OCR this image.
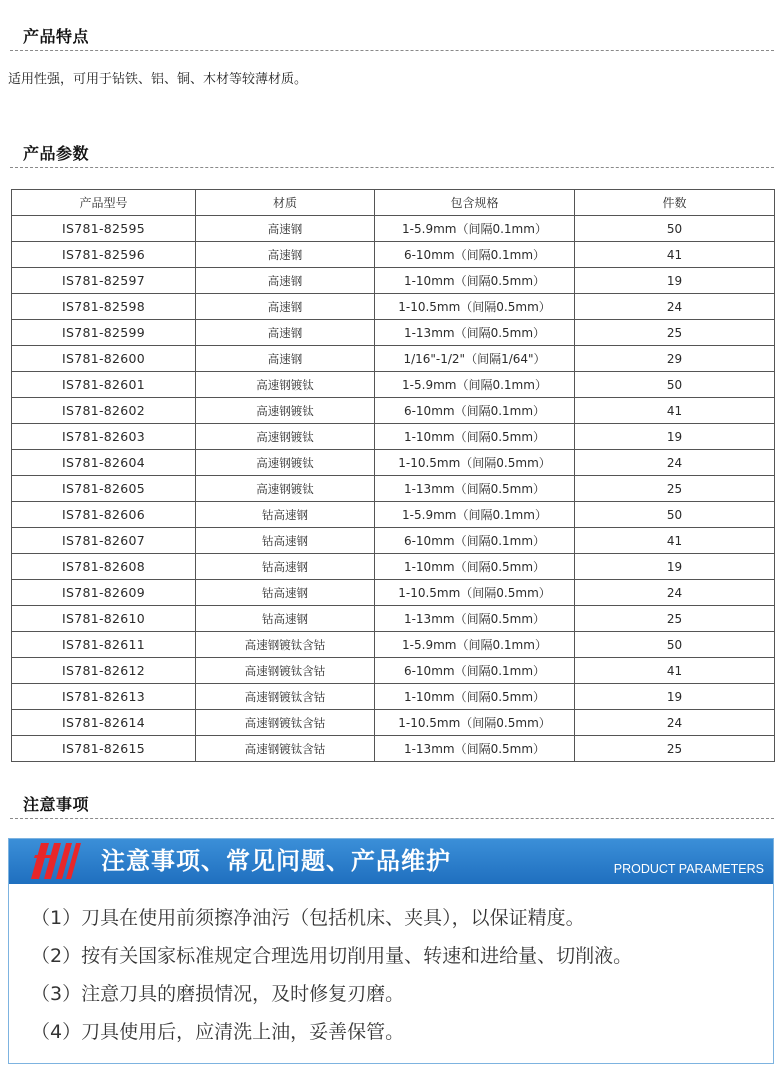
产品特点
适用性强，可用于钻铁、铝、铜、木材等较薄材质。
产品参数
产品型号	材质	包含规格	件数
IS781-82595	高速钢	1-5.9mm（间隔0.1mm）	50
IS781-82596	高速钢	6-10mm（间隔0.1mm）	41
IS781-82597	高速钢	1-10mm（间隔0.5mm）	19
IS781-82598	高速钢	1-10.5mm（间隔0.5mm）	24
IS781-82599	高速钢	1-13mm（间隔0.5mm）	25
IS781-82600	高速钢	1/16"-1/2"（间隔1/64"）	29
IS781-82601	高速钢镀钛	1-5.9mm（间隔0.1mm）	50
IS781-82602	高速钢镀钛	6-10mm（间隔0.1mm）	41
IS781-82603	高速钢镀钛	1-10mm（间隔0.5mm）	19
IS781-82604	高速钢镀钛	1-10.5mm（间隔0.5mm）	24
IS781-82605	高速钢镀钛	1-13mm（间隔0.5mm）	25
IS781-82606	钴高速钢	1-5.9mm（间隔0.1mm）	50
IS781-82607	钴高速钢	6-10mm（间隔0.1mm）	41
IS781-82608	钴高速钢	1-10mm（间隔0.5mm）	19
IS781-82609	钴高速钢	1-10.5mm（间隔0.5mm）	24
IS781-82610	钴高速钢	1-13mm（间隔0.5mm）	25
IS781-82611	高速钢镀钛含钴	1-5.9mm（间隔0.1mm）	50
IS781-82612	高速钢镀钛含钴	6-10mm（间隔0.1mm）	41
IS781-82613	高速钢镀钛含钴	1-10mm（间隔0.5mm）	19
IS781-82614	高速钢镀钛含钴	1-10.5mm（间隔0.5mm）	24
IS781-82615	高速钢镀钛含钴	1-13mm（间隔0.5mm）	25
注意事项
注意事项、常见问题、产品维护	PRODUCT PARAMETERS
（1）刀具在使用前须擦净油污（包括机床、夹具），以保证精度。
（2）按有关国家标准规定合理选用切削用量、转速和进给量、切削液。
（3）注意刀具的磨损情况，及时修复刃磨。
（4）刀具使用后，应清洗上油，妥善保管。
